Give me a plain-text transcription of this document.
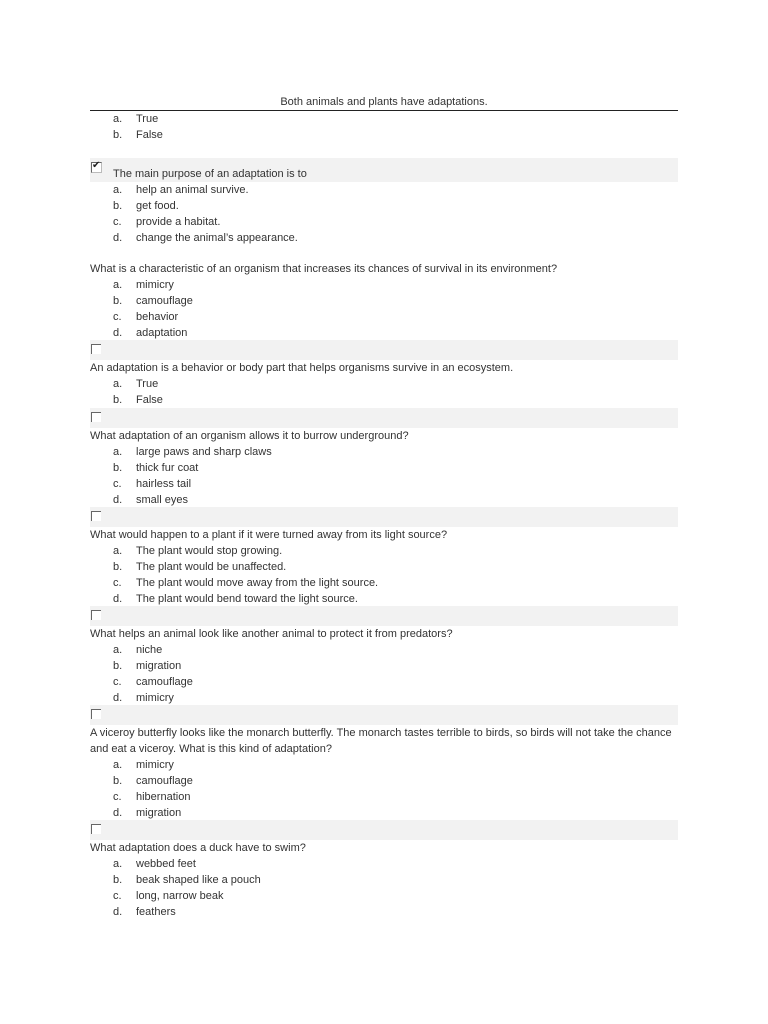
Both animals and plants have adaptations.
a. True
b. False
✔
The main purpose of an adaptation is to
a. help an animal survive.
b. get food.
c. provide a habitat.
d. change the animal’s appearance.
What is a characteristic of an organism that increases its chances of survival in its environment?
a. mimicry
b. camouflage
c. behavior
d. adaptation
An adaptation is a behavior or body part that helps organisms survive in an ecosystem.
a. True
b. False
What adaptation of an organism allows it to burrow underground?
a. large paws and sharp claws
b. thick fur coat
c. hairless tail
d. small eyes
What would happen to a plant if it were turned away from its light source?
a. The plant would stop growing.
b. The plant would be unaffected.
c. The plant would move away from the light source.
d. The plant would bend toward the light source.
What helps an animal look like another animal to protect it from predators?
a. niche
b. migration
c. camouflage
d. mimicry
A viceroy butterfly looks like the monarch butterfly. The monarch tastes terrible to birds, so birds will not take the chance and eat a viceroy. What is this kind of adaptation?
a. mimicry
b. camouflage
c. hibernation
d. migration
What adaptation does a duck have to swim?
a. webbed feet
b. beak shaped like a pouch
c. long, narrow beak
d. feathers
